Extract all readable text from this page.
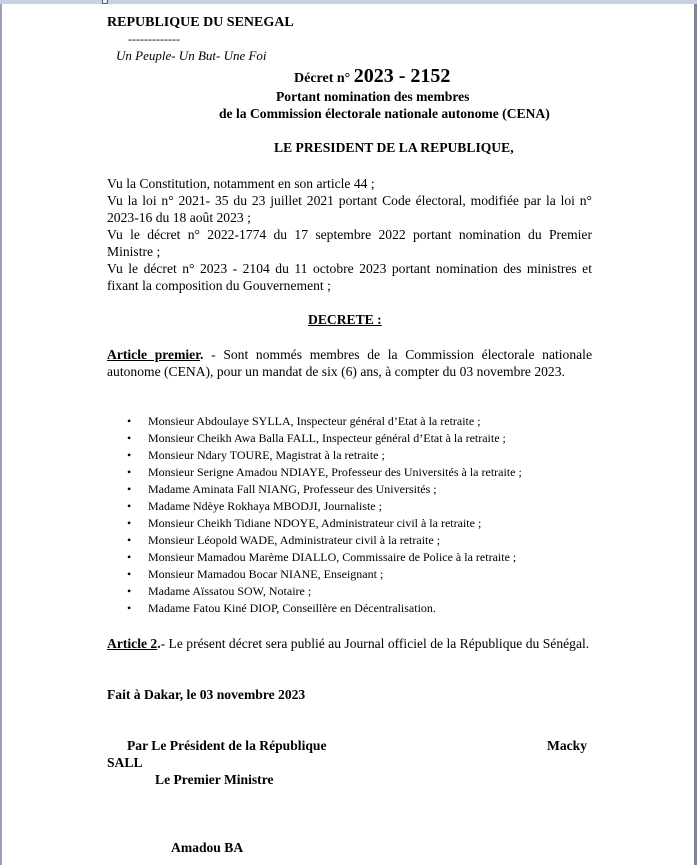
REPUBLIQUE DU SENEGAL
-------------
Un Peuple- Un But- Une Foi
Décret n° 2023 - 2152
Portant nomination des membres
de la Commission électorale nationale autonome (CENA)
LE PRESIDENT DE LA REPUBLIQUE,
Vu la Constitution, notamment en son article 44 ;
Vu la loi n° 2021- 35 du 23 juillet 2021 portant Code électoral, modifiée par la loi n° 2023-16 du 18 août 2023 ;
Vu le décret n° 2022-1774 du 17 septembre 2022 portant nomination du Premier Ministre ;
Vu le décret n° 2023 - 2104 du 11 octobre 2023 portant nomination des ministres et fixant la composition du Gouvernement ;
DECRETE :
Article premier. - Sont nommés membres de la Commission électorale nationale autonome (CENA), pour un mandat de six (6) ans, à compter du 03 novembre 2023.
• Monsieur Abdoulaye SYLLA, Inspecteur général d’Etat à la retraite ;
• Monsieur Cheikh Awa Balla FALL, Inspecteur général d’Etat à la retraite ;
• Monsieur Ndary TOURE, Magistrat à la retraite ;
• Monsieur Serigne Amadou NDIAYE, Professeur des Universités à la retraite ;
• Madame Aminata Fall NIANG, Professeur des Universités ;
• Madame Ndèye Rokhaya MBODJI, Journaliste ;
• Monsieur Cheikh Tidiane NDOYE, Administrateur civil à la retraite ;
• Monsieur Léopold WADE, Administrateur civil à la retraite ;
• Monsieur Mamadou Marème DIALLO, Commissaire de Police à la retraite ;
• Monsieur Mamadou Bocar NIANE, Enseignant ;
• Madame Aïssatou SOW, Notaire ;
• Madame Fatou Kiné DIOP, Conseillère en Décentralisation.
Article 2.- Le présent décret sera publié au Journal officiel de la République du Sénégal.
Fait à Dakar, le 03 novembre 2023
Par Le Président de la République	Macky
SALL
Le Premier Ministre
Amadou BA
